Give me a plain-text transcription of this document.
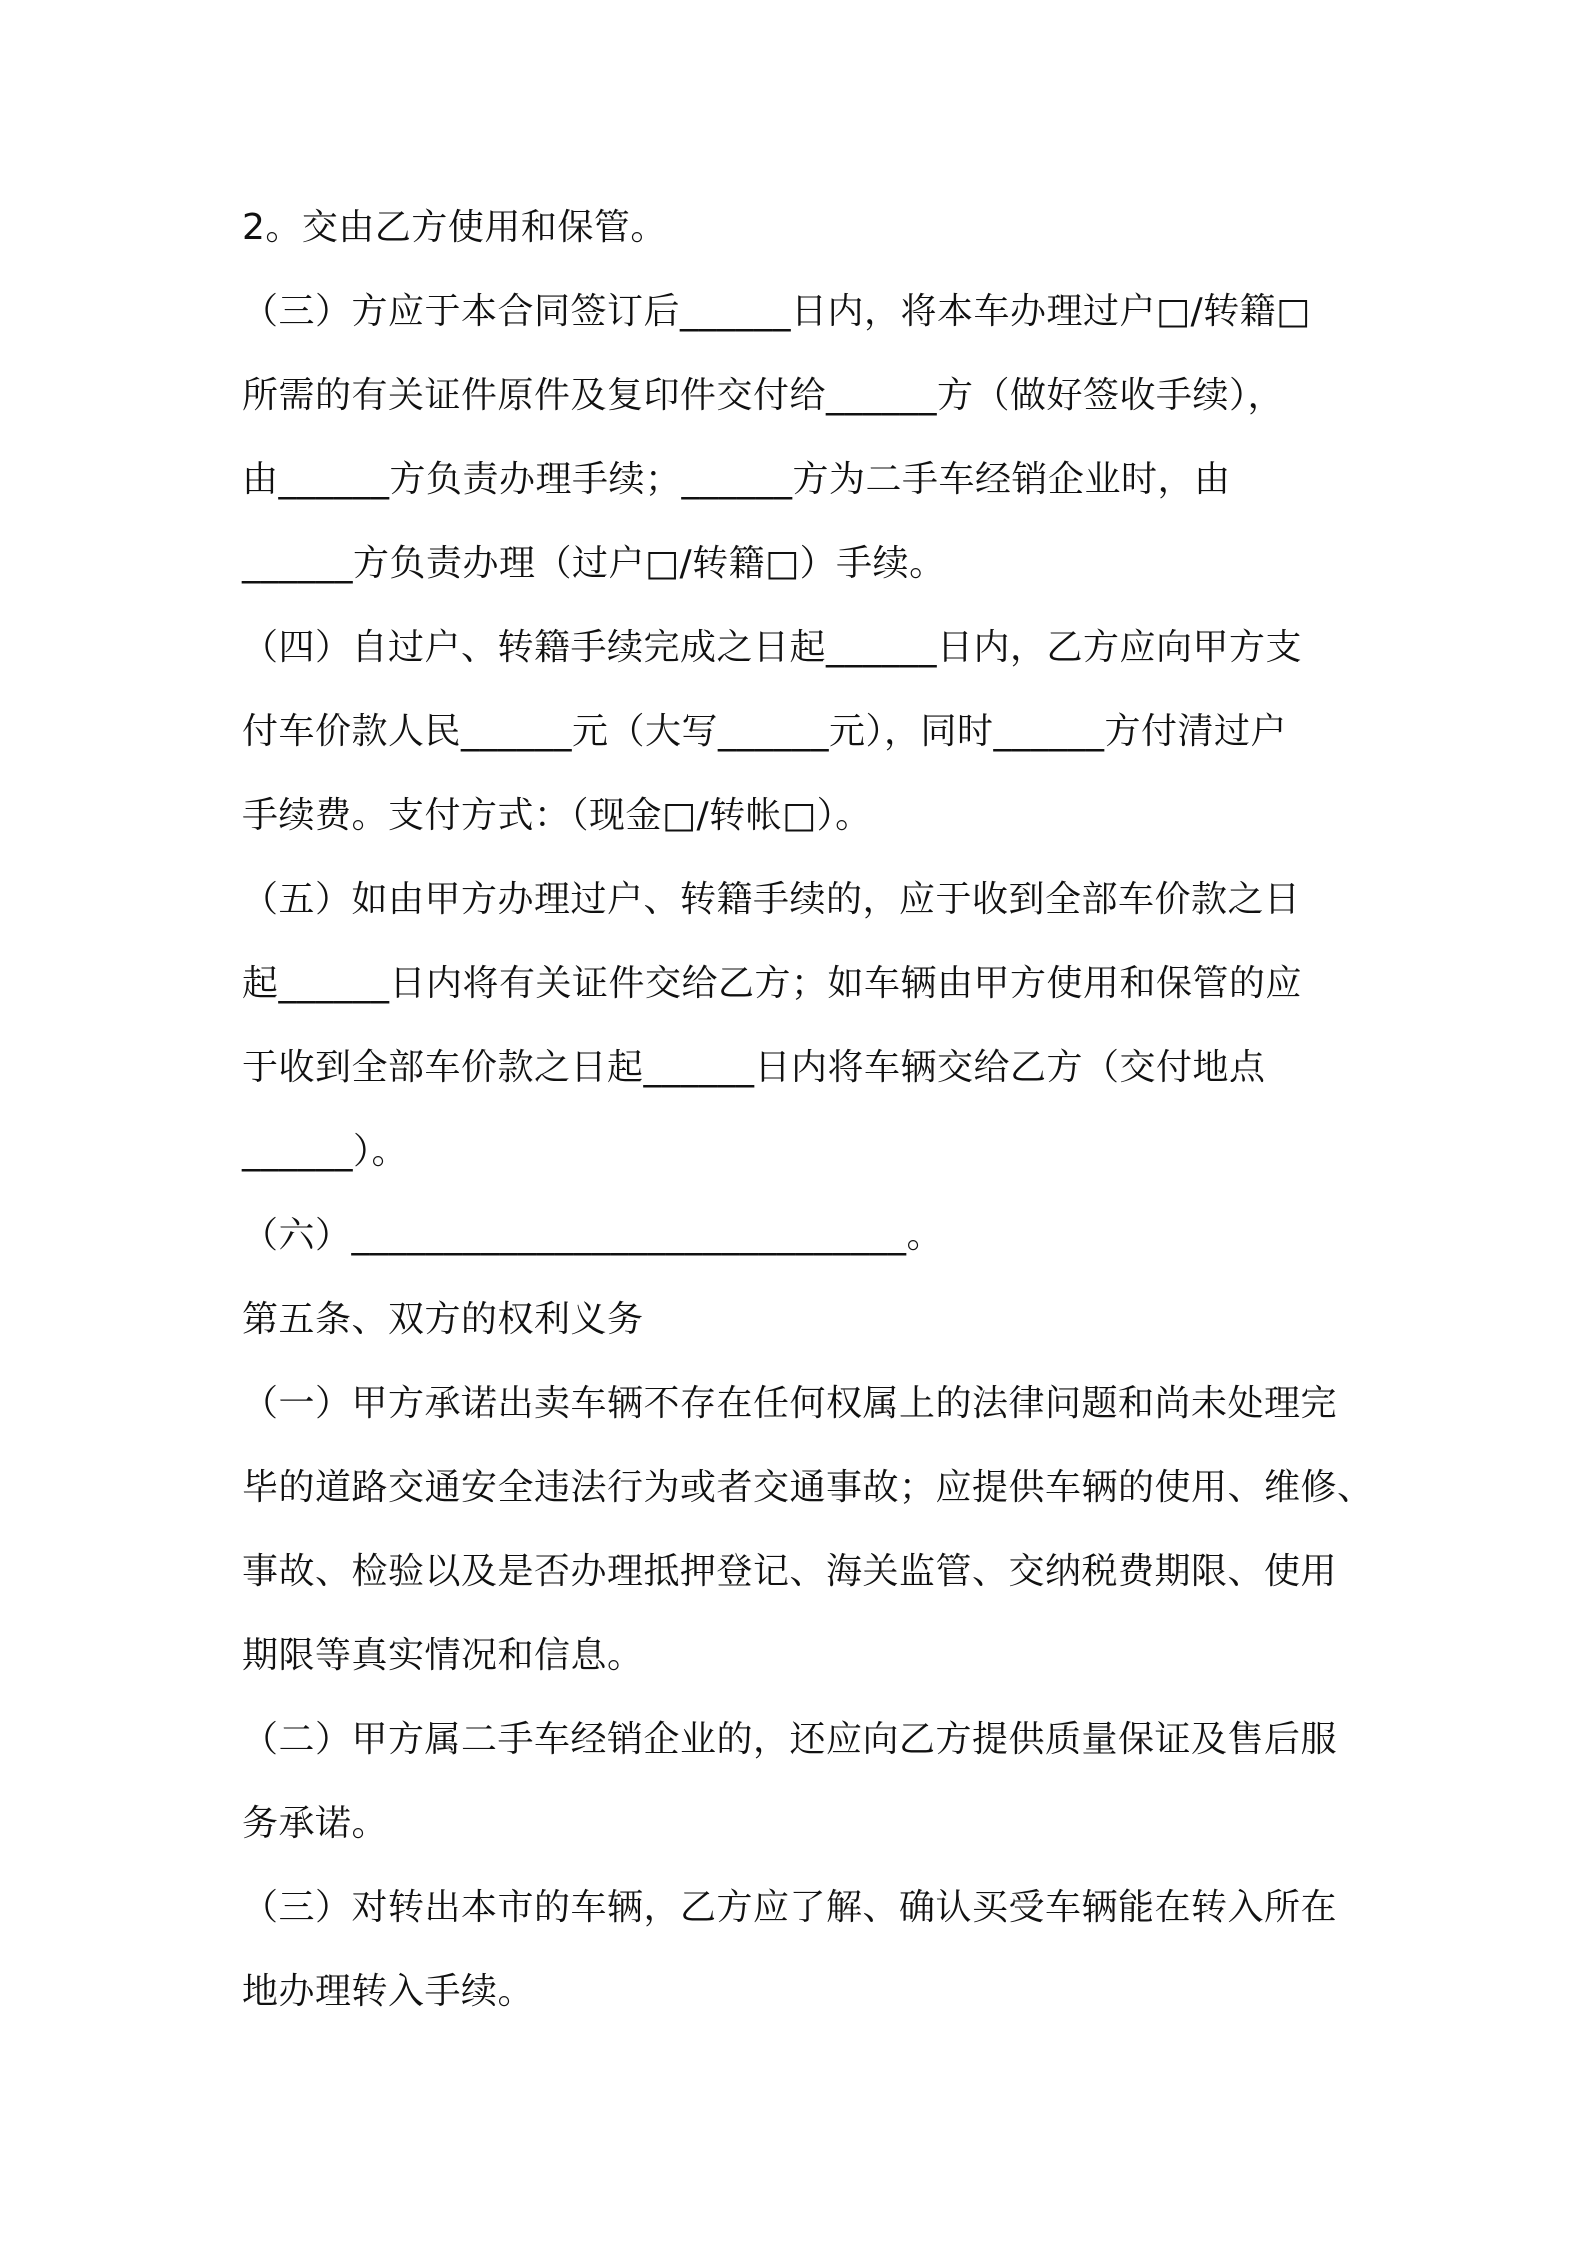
2。交由乙方使用和保管。
（三）方应于本合同签订后______日内，将本车办理过户□/转籍□
所需的有关证件原件及复印件交付给______方（做好签收手续），
由______方负责办理手续；______方为二手车经销企业时，由
______方负责办理（过户□/转籍□）手续。
（四）自过户、转籍手续完成之日起______日内，乙方应向甲方支
付车价款人民______元（大写______元），同时______方付清过户
手续费。支付方式：（现金□/转帐□）。
（五）如由甲方办理过户、转籍手续的，应于收到全部车价款之日
起______日内将有关证件交给乙方；如车辆由甲方使用和保管的应
于收到全部车价款之日起______日内将车辆交给乙方（交付地点
______）。
（六）______________________________。
第五条、双方的权利义务
（一）甲方承诺出卖车辆不存在任何权属上的法律问题和尚未处理完
毕的道路交通安全违法行为或者交通事故；应提供车辆的使用、维修、
事故、检验以及是否办理抵押登记、海关监管、交纳税费期限、使用
期限等真实情况和信息。
（二）甲方属二手车经销企业的，还应向乙方提供质量保证及售后服
务承诺。
（三）对转出本市的车辆，乙方应了解、确认买受车辆能在转入所在
地办理转入手续。
